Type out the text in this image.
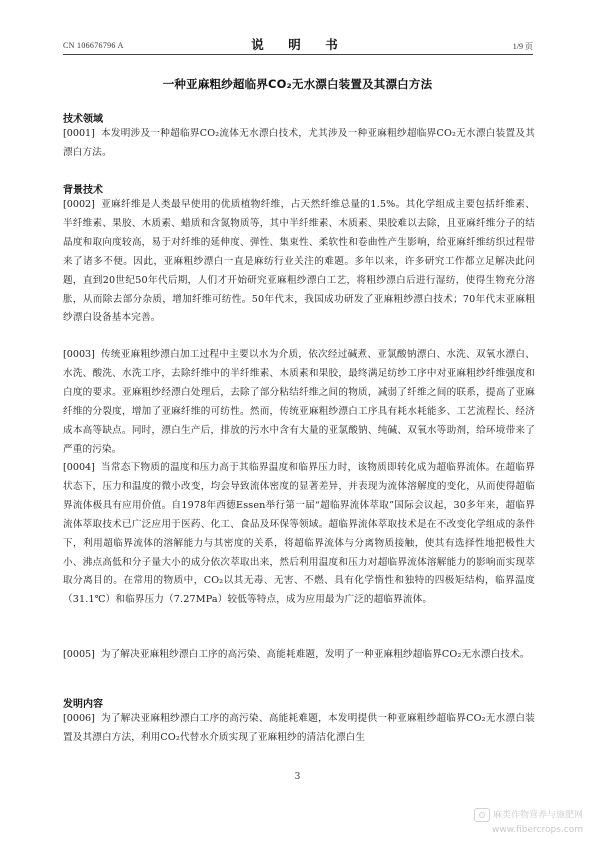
CN 106676796 A	说　明　书	1/9 页
一种亚麻粗纱超临界CO₂无水漂白装置及其漂白方法
技术领域
[0001] 本发明涉及一种超临界CO₂流体无水漂白技术，尤其涉及一种亚麻粗纱超临界CO₂无水漂白装置及其漂白方法。
背景技术
[0002] 亚麻纤维是人类最早使用的优质植物纤维，占天然纤维总量的1.5%。其化学组成主要包括纤维素、半纤维素、果胶、木质素、蜡质和含氮物质等，其中半纤维素、木质素、果胶难以去除，且亚麻纤维分子的结晶度和取向度较高，易于对纤维的延伸度、弹性、集束性、柔软性和卷曲性产生影响，给亚麻纤维纺织过程带来了诸多不便。因此，亚麻粗纱漂白一直是麻纺行业关注的难题。多年以来，许多研究工作都立足解决此问题，直到20世纪50年代后期，人们才开始研究亚麻粗纱漂白工艺，将粗纱漂白后进行湿纺，使得生物充分溶胀，从而除去部分杂质，增加纤维可纺性。50年代末，我国成功研发了亚麻粗纱漂白技术；70年代末亚麻粗纱漂白设备基本完善。
[0003] 传统亚麻粗纱漂白加工过程中主要以水为介质，依次经过碱煮、亚氯酸钠漂白、水洗、双氧水漂白、水洗、酸洗、水洗工序，去除纤维中的半纤维素、木质素和果胶，最终满足纺纱工序中对亚麻粗纱纤维强度和白度的要求。亚麻粗纱经漂白处理后，去除了部分粘结纤维之间的物质，减弱了纤维之间的联系，提高了亚麻纤维的分裂度，增加了亚麻纤维的可纺性。然而，传统亚麻粗纱漂白工序具有耗水耗能多、工艺流程长、经济成本高等缺点。同时，漂白生产后，排放的污水中含有大量的亚氯酸钠、纯碱、双氧水等助剂，给环境带来了严重的污染。
[0004] 当常态下物质的温度和压力高于其临界温度和临界压力时，该物质即转化成为超临界流体。在超临界状态下，压力和温度的微小改变，均会导致流体密度的显著差异，并表现为流体溶解度的变化，从而使得超临界流体极具有应用价值。自1978年西德Essen举行第一届“超临界流体萃取”国际会议起，30多年来，超临界流体萃取技术已广泛应用于医药、化工、食品及环保等领域。超临界流体萃取技术是在不改变化学组成的条件下，利用超临界流体的溶解能力与其密度的关系，将超临界流体与分离物质接触，使其有选择性地把极性大小、沸点高低和分子量大小的成分依次萃取出来，然后利用温度和压力对超临界流体溶解能力的影响而实现萃取分离目的。在常用的物质中，CO₂以其无毒、无害、不燃、具有化学惰性和独特的四极矩结构，临界温度（31.1℃）和临界压力（7.27MPa）较低等特点，成为应用最为广泛的超临界流体。
[0005] 为了解决亚麻粗纱漂白工序的高污染、高能耗难题，发明了一种亚麻粗纱超临界CO₂无水漂白技术。
发明内容
[0006] 为了解决亚麻粗纱漂白工序的高污染、高能耗难题，本发明提供一种亚麻粗纱超临界CO₂无水漂白装置及其漂白方法，利用CO₂代替水介质实现了亚麻粗纱的清洁化漂白生
3
麻类作物营养与施肥网
www.fibercrops.com
